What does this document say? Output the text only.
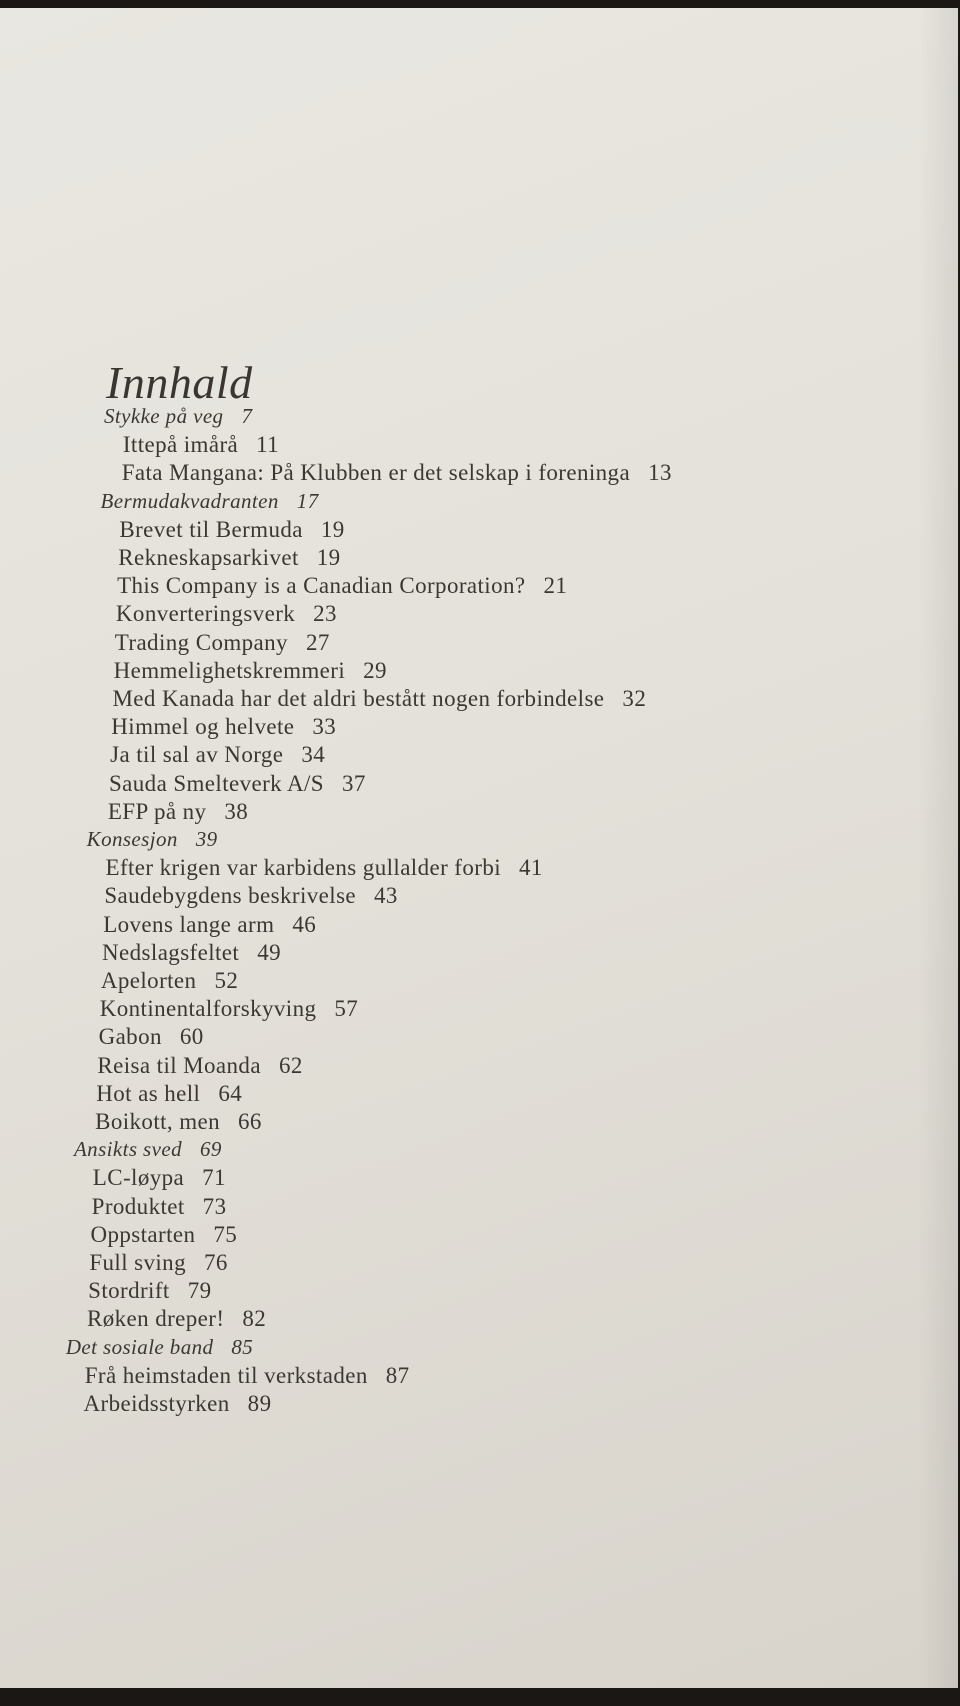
Innhald
Stykke på veg 7
Ittepå imårå 11
Fata Mangana: På Klubben er det selskap i foreninga 13
Bermudakvadranten 17
Brevet til Bermuda 19
Rekneskapsarkivet 19
This Company is a Canadian Corporation? 21
Konverteringsverk 23
Trading Company 27
Hemmelighetskremmeri 29
Med Kanada har det aldri bestått nogen forbindelse 32
Himmel og helvete 33
Ja til sal av Norge 34
Sauda Smelteverk A/S 37
EFP på ny 38
Konsesjon 39
Efter krigen var karbidens gullalder forbi 41
Saudebygdens beskrivelse 43
Lovens lange arm 46
Nedslagsfeltet 49
Apelorten 52
Kontinentalforskyving 57
Gabon 60
Reisa til Moanda 62
Hot as hell 64
Boikott, men 66
Ansikts sved 69
LC-løypa 71
Produktet 73
Oppstarten 75
Full sving 76
Stordrift 79
Røken dreper! 82
Det sosiale band 85
Frå heimstaden til verkstaden 87
Arbeidsstyrken 89
